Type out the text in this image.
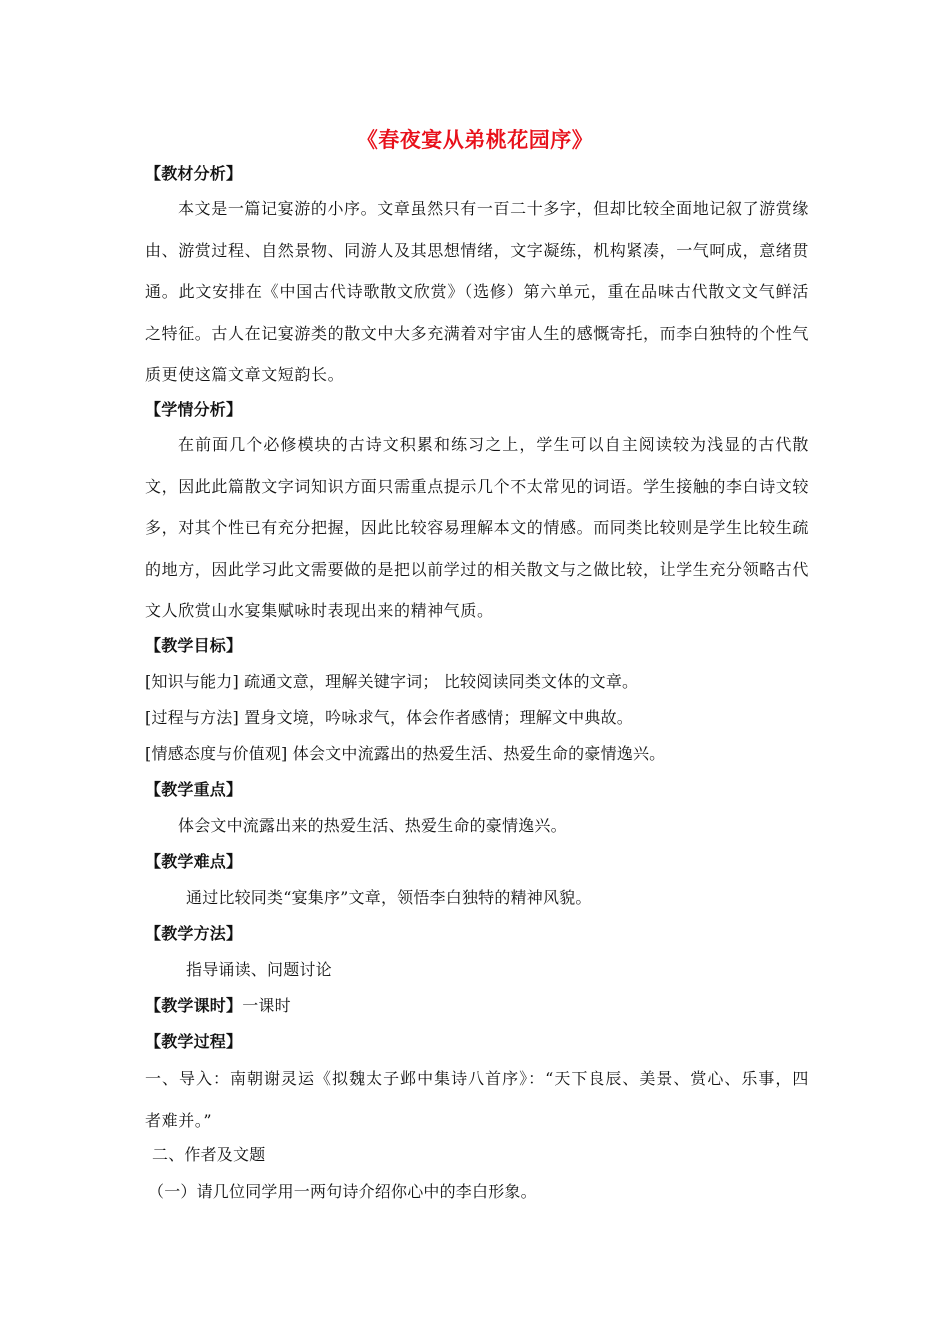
《春夜宴从弟桃花园序》
【教材分析】
本文是一篇记宴游的小序。文章虽然只有一百二十多字，但却比较全面地记叙了游赏缘由、游赏过程、自然景物、同游人及其思想情绪，文字凝练，机构紧凑，一气呵成，意绪贯通。此文安排在《中国古代诗歌散文欣赏》（选修）第六单元，重在品味古代散文文气鲜活之特征。古人在记宴游类的散文中大多充满着对宇宙人生的感慨寄托，而李白独特的个性气质更使这篇文章文短韵长。
【学情分析】
在前面几个必修模块的古诗文积累和练习之上，学生可以自主阅读较为浅显的古代散文，因此此篇散文字词知识方面只需重点提示几个不太常见的词语。学生接触的李白诗文较多，对其个性已有充分把握，因此比较容易理解本文的情感。而同类比较则是学生比较生疏的地方，因此学习此文需要做的是把以前学过的相关散文与之做比较，让学生充分领略古代文人欣赏山水宴集赋咏时表现出来的精神气质。
【教学目标】
[知识与能力] 疏通文意，理解关键字词； 比较阅读同类文体的文章。
[过程与方法] 置身文境，吟咏求气，体会作者感情；理解文中典故。
[情感态度与价值观] 体会文中流露出的热爱生活、热爱生命的豪情逸兴。
【教学重点】
体会文中流露出来的热爱生活、热爱生命的豪情逸兴。
【教学难点】
通过比较同类“宴集序”文章，领悟李白独特的精神风貌。
【教学方法】
指导诵读、问题讨论
【教学课时】一课时
【教学过程】
一、导入：南朝谢灵运《拟魏太子邺中集诗八首序》：“天下良辰、美景、赏心、乐事，四者难并。”
二、作者及文题
（一）请几位同学用一两句诗介绍你心中的李白形象。
